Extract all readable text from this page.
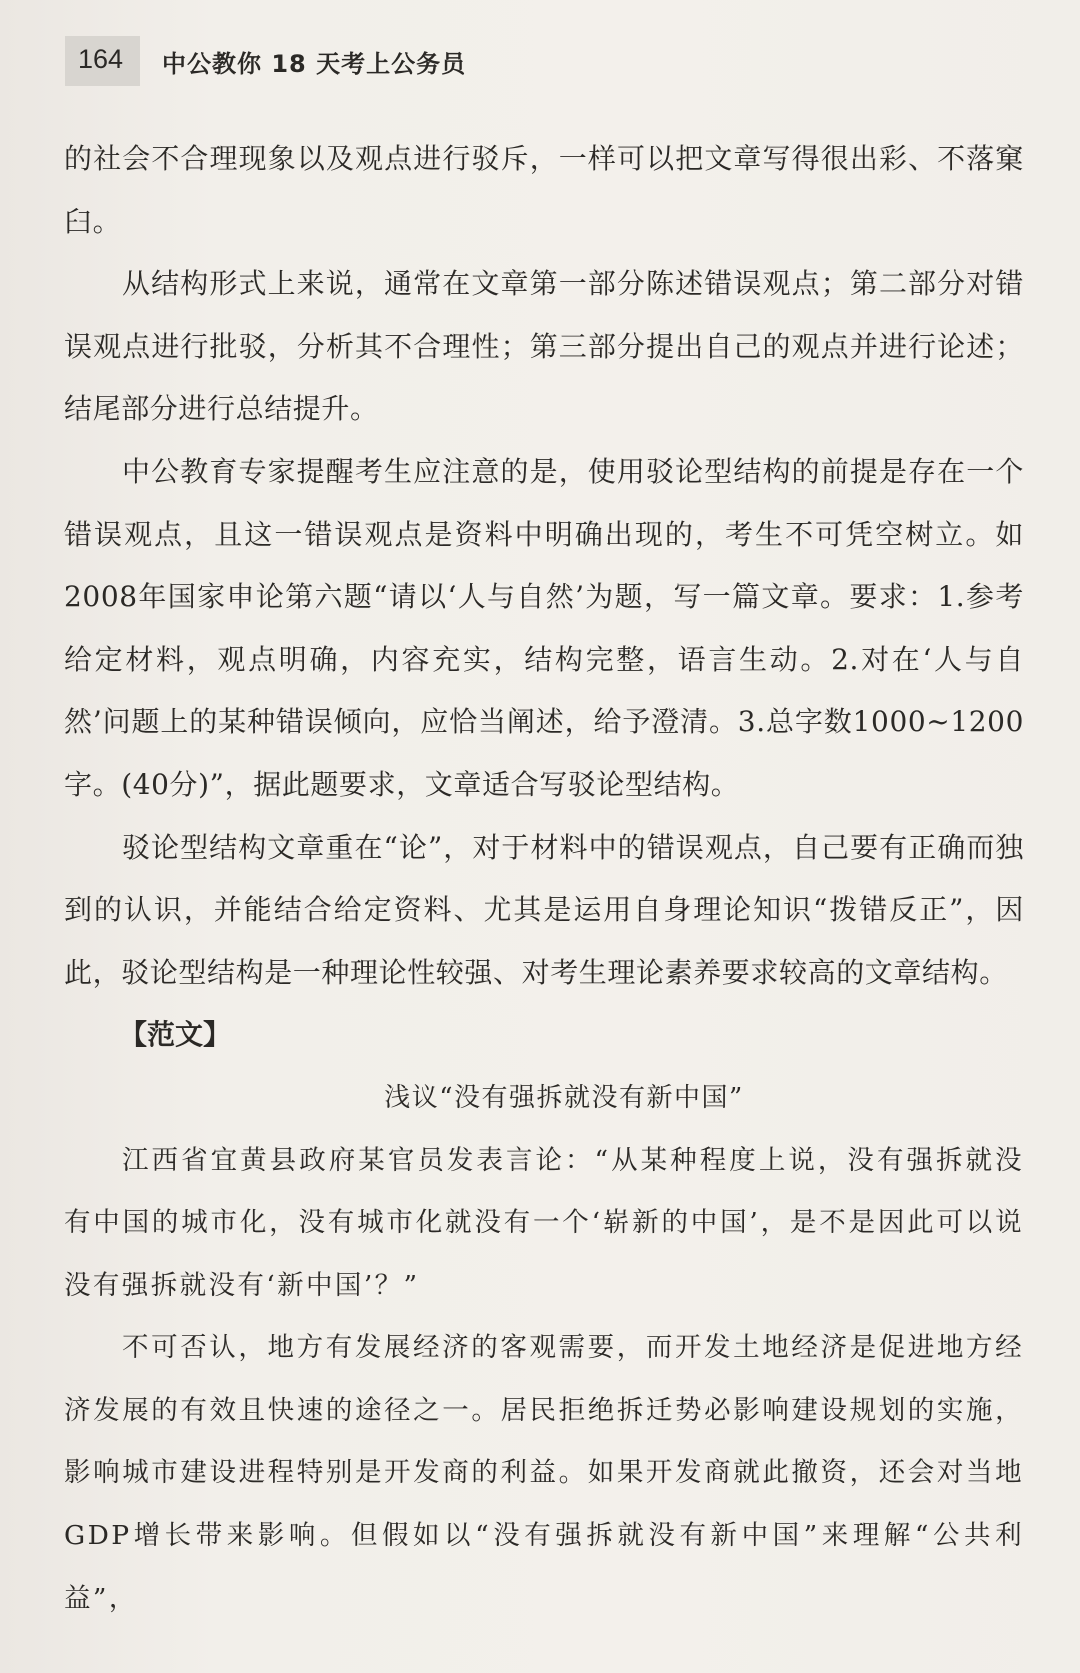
164 中公教你 18 天考上公务员

的社会不合理现象以及观点进行驳斥，一样可以把文章写得很出彩、不落窠臼。

从结构形式上来说，通常在文章第一部分陈述错误观点；第二部分对错误观点进行批驳，分析其不合理性；第三部分提出自己的观点并进行论述；结尾部分进行总结提升。

中公教育专家提醒考生应注意的是，使用驳论型结构的前提是存在一个错误观点，且这一错误观点是资料中明确出现的，考生不可凭空树立。如2008年国家申论第六题“请以‘人与自然’为题，写一篇文章。要求：1.参考给定材料，观点明确，内容充实，结构完整，语言生动。2.对在‘人与自然’问题上的某种错误倾向，应恰当阐述，给予澄清。3.总字数1000~1200字。(40分)”，据此题要求，文章适合写驳论型结构。

驳论型结构文章重在“论”，对于材料中的错误观点，自己要有正确而独到的认识，并能结合给定资料、尤其是运用自身理论知识“拨错反正”，因此，驳论型结构是一种理论性较强、对考生理论素养要求较高的文章结构。

【范文】

浅议“没有强拆就没有新中国”

江西省宜黄县政府某官员发表言论：“从某种程度上说，没有强拆就没有中国的城市化，没有城市化就没有一个‘崭新的中国’，是不是因此可以说没有强拆就没有‘新中国’？”

不可否认，地方有发展经济的客观需要，而开发土地经济是促进地方经济发展的有效且快速的途径之一。居民拒绝拆迁势必影响建设规划的实施，影响城市建设进程特别是开发商的利益。如果开发商就此撤资，还会对当地GDP增长带来影响。但假如以“没有强拆就没有新中国”来理解“公共利益”，
